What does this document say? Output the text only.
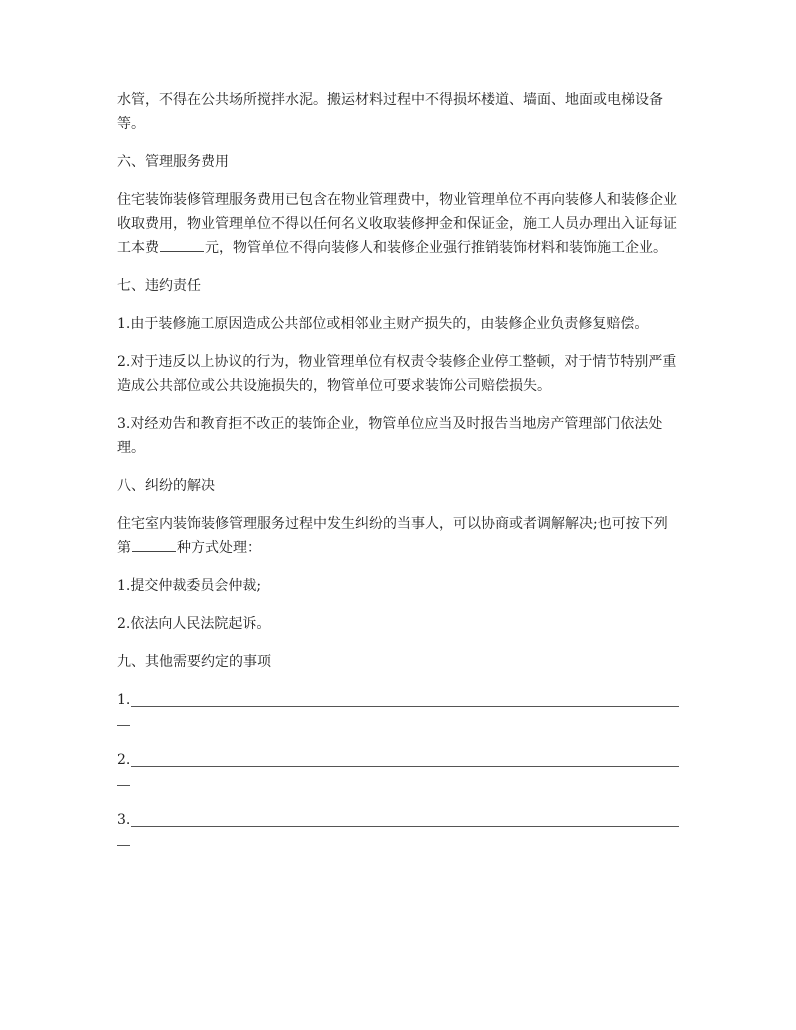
水管，不得在公共场所搅拌水泥。搬运材料过程中不得损坏楼道、墙面、地面或电梯设备等。

六、管理服务费用

住宅装饰装修管理服务费用已包含在物业管理费中，物业管理单位不再向装修人和装修企业收取费用，物业管理单位不得以任何名义收取装修押金和保证金，施工人员办理出入证每证工本费	元，物管单位不得向装修人和装修企业强行推销装饰材料和装饰施工企业。

七、违约责任

1.由于装修施工原因造成公共部位或相邻业主财产损失的，由装修企业负责修复赔偿。

2.对于违反以上协议的行为，物业管理单位有权责令装修企业停工整顿，对于情节特别严重造成公共部位或公共设施损失的，物管单位可要求装饰公司赔偿损失。

3.对经劝告和教育拒不改正的装饰企业，物管单位应当及时报告当地房产管理部门依法处理。

八、纠纷的解决

住宅室内装饰装修管理服务过程中发生纠纷的当事人，可以协商或者调解解决;也可按下列第	种方式处理：

1.提交仲裁委员会仲裁;

2.依法向人民法院起诉。

九、其他需要约定的事项

1.
2.
3.
